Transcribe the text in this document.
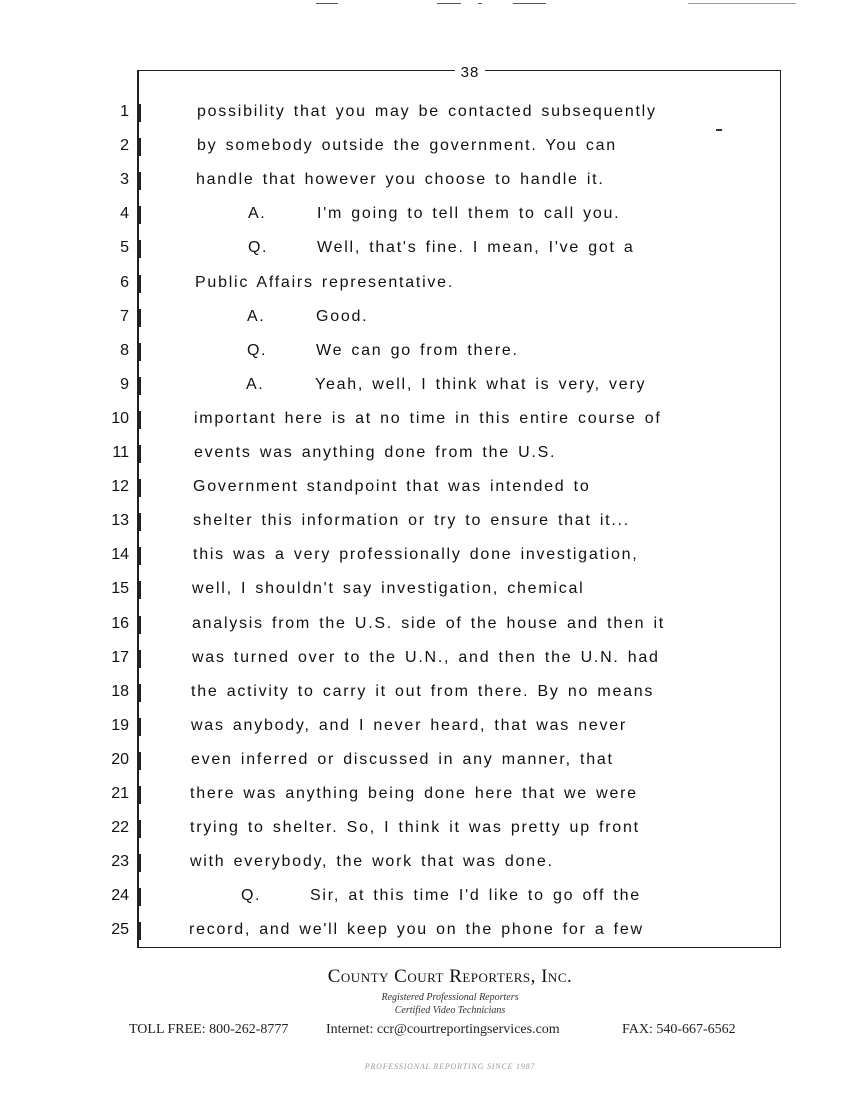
38
1	possibility that you may be contacted subsequently
2	by somebody outside the government. You can
3	handle that however you choose to handle it.
4	A.	I'm going to tell them to call you.
5	Q.	Well, that's fine. I mean, I've got a
6	Public Affairs representative.
7	A.	Good.
8	Q.	We can go from there.
9	A.	Yeah, well, I think what is very, very
10	important here is at no time in this entire course of
11	events was anything done from the U.S.
12	Government standpoint that was intended to
13	shelter this information or try to ensure that it...
14	this was a very professionally done investigation,
15	well, I shouldn't say investigation, chemical
16	analysis from the U.S. side of the house and then it
17	was turned over to the U.N., and then the U.N. had
18	the activity to carry it out from there. By no means
19	was anybody, and I never heard, that was never
20	even inferred or discussed in any manner, that
21	there was anything being done here that we were
22	trying to shelter. So, I think it was pretty up front
23	with everybody, the work that was done.
24	Q.	Sir, at this time I'd like to go off the
25	record, and we'll keep you on the phone for a few
County Court Reporters, Inc.
Registered Professional Reporters
Certified Video Technicians
TOLL FREE: 800-262-8777	Internet: ccr@courtreportingservices.com	FAX: 540-667-6562
PROFESSIONAL REPORTING SINCE 1987
